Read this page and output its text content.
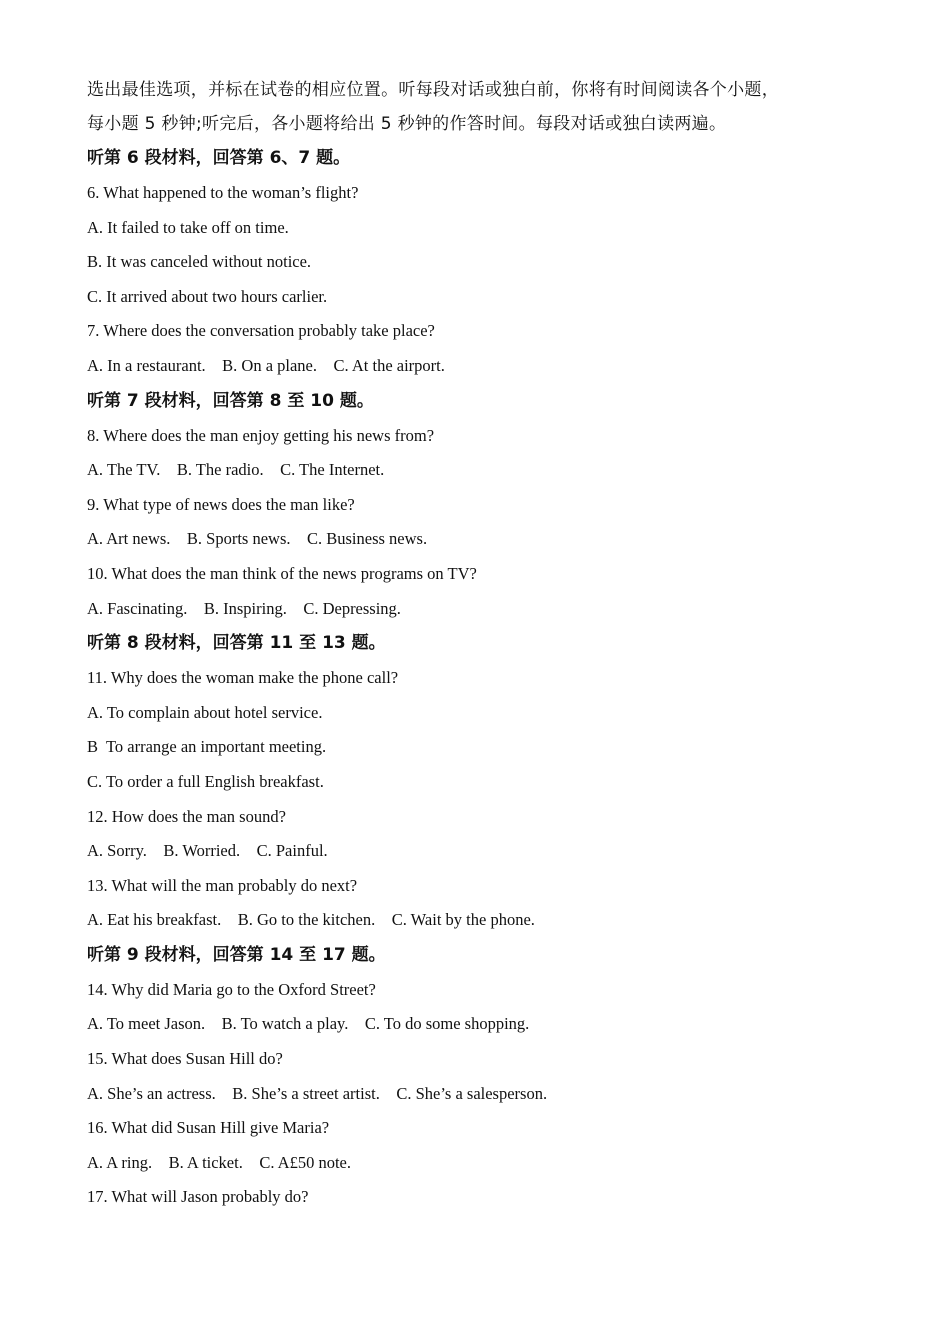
选出最佳选项，并标在试卷的相应位置。听每段对话或独白前，你将有时间阅读各个小题，
每小题 5 秒钟;听完后，各小题将给出 5 秒钟的作答时间。每段对话或独白读两遍。
听第 6 段材料，回答第 6、7 题。
6. What happened to the woman’s flight?
A. It failed to take off on time.
B. It was canceled without notice.
C. It arrived about two hours carlier.
7. Where does the conversation probably take place?
A. In a restaurant.    B. On a plane.    C. At the airport.
听第 7 段材料，回答第 8 至 10 题。
8. Where does the man enjoy getting his news from?
A. The TV.    B. The radio.    C. The Internet.
9. What type of news does the man like?
A. Art news.    B. Sports news.    C. Business news.
10. What does the man think of the news programs on TV?
A. Fascinating.    B. Inspiring.    C. Depressing.
听第 8 段材料，回答第 11 至 13 题。
11. Why does the woman make the phone call?
A. To complain about hotel service.
B  To arrange an important meeting.
C. To order a full English breakfast.
12. How does the man sound?
A. Sorry.    B. Worried.    C. Painful.
13. What will the man probably do next?
A. Eat his breakfast.    B. Go to the kitchen.    C. Wait by the phone.
听第 9 段材料，回答第 14 至 17 题。
14. Why did Maria go to the Oxford Street?
A. To meet Jason.    B. To watch a play.    C. To do some shopping.
15. What does Susan Hill do?
A. She’s an actress.    B. She’s a street artist.    C. She’s a salesperson.
16. What did Susan Hill give Maria?
A. A ring.    B. A ticket.    C. A£50 note.
17. What will Jason probably do?
